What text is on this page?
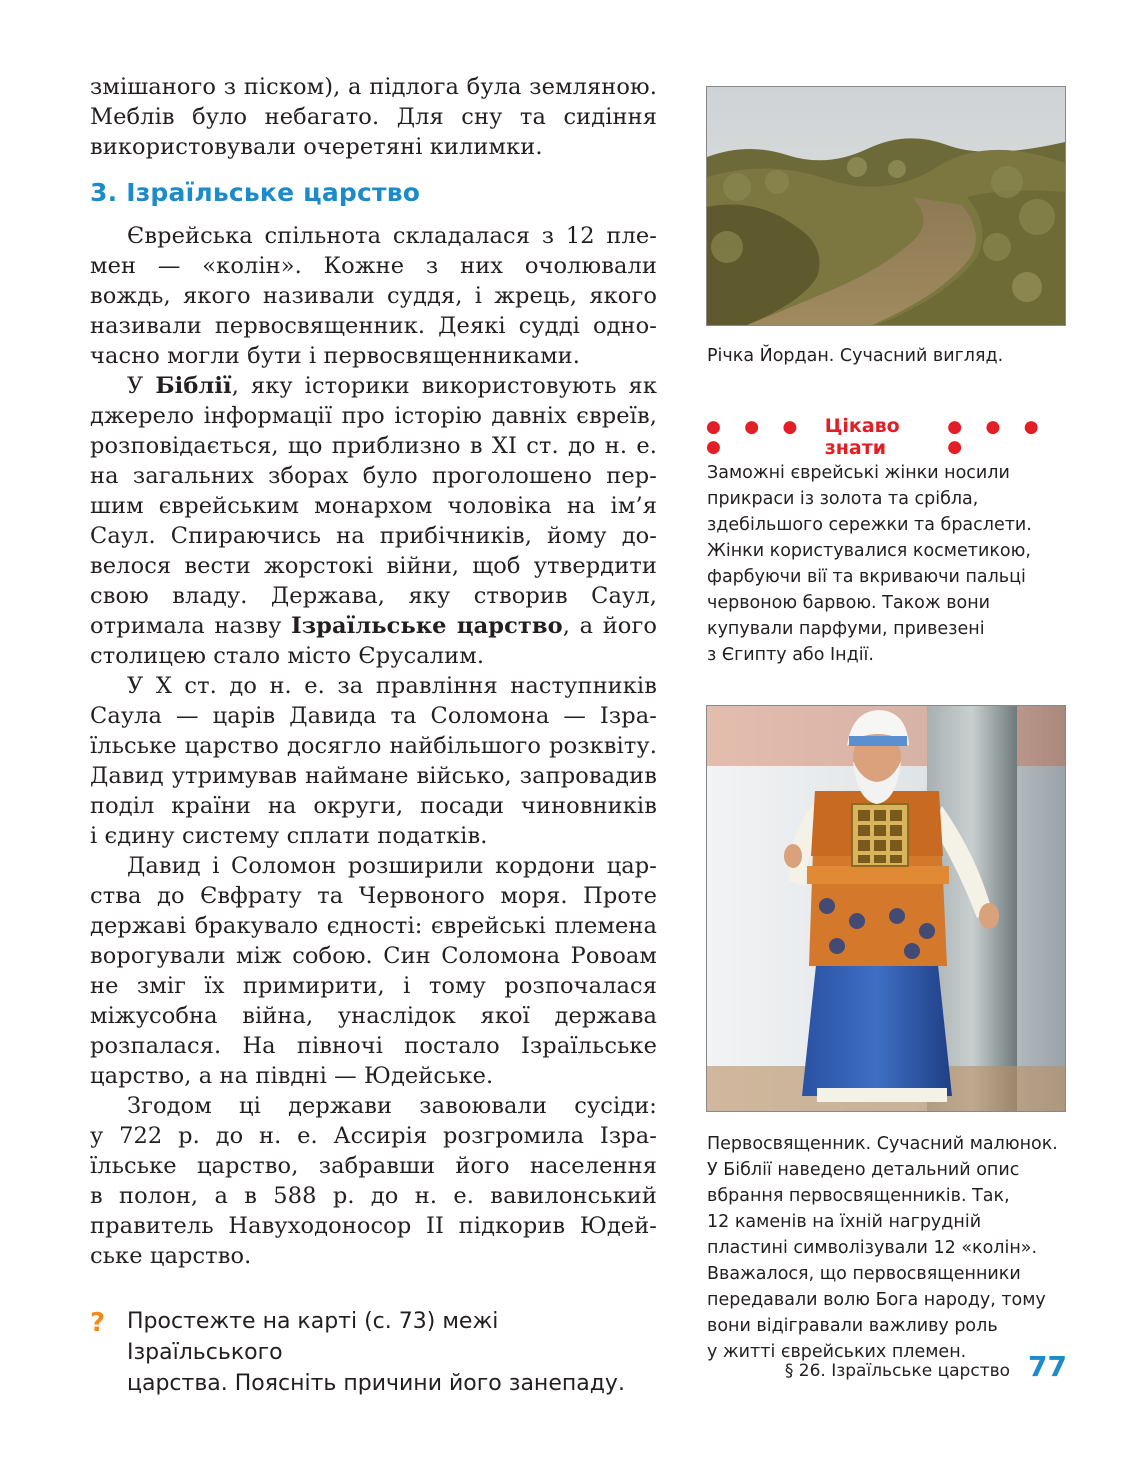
змішаного з піском), а підлога була земляною.
Меблів було небагато. Для сну та сидіння
використовували очеретяні килимки.

3. Ізраїльське царство

Єврейська спільнота складалася з 12 пле-
мен — «колін». Кожне з них очолювали
вождь, якого називали суддя, і жрець, якого
називали первосвященник. Деякі судді одно-
часно могли бути і первосвященниками.

У Біблії, яку історики використовують як
джерело інформації про історію давніх євреїв,
розповідається, що приблизно в XI ст. до н. е.
на загальних зборах було проголошено пер-
шим єврейським монархом чоловіка на ім’я
Саул. Спираючись на прибічників, йому до-
велося вести жорстокі війни, щоб утвердити
свою владу. Держава, яку створив Саул,
отримала назву Ізраїльське царство, а його
столицею стало місто Єрусалим.

У X ст. до н. е. за правління наступників
Саула — царів Давида та Соломона — Ізра-
їльське царство досягло найбільшого розквіту.
Давид утримував наймане військо, запровадив
поділ країни на округи, посади чиновників
і єдину систему сплати податків.

Давид і Соломон розширили кордони цар-
ства до Євфрату та Червоного моря. Проте
державі бракувало єдності: єврейські племена
ворогували між собою. Син Соломона Ровоам
не зміг їх примирити, і тому розпочалася
міжусобна війна, унаслідок якої держава
розпалася. На півночі постало Ізраїльське
царство, а на півдні — Юдейське.

Згодом ці держави завоювали сусіди:
у 722 р. до н. е. Ассирія розгромила Ізра-
їльське царство, забравши його населення
в полон, а в 588 р. до н. е. вавилонський
правитель Навуходоносор II підкорив Юдей-
ське царство.

? Простежте на карті (с. 73) межі Ізраїльського
царства. Поясніть причини його занепаду.
Річка Йордан. Сучасний вигляд.
● ● ● ●
Цікаво знати
● ● ● ●
Заможні єврейські жінки носили
прикраси із золота та срібла,
здебільшого сережки та браслети.
Жінки користувалися косметикою,
фарбуючи вії та вкриваючи пальці
червоною барвою. Також вони
купували парфуми, привезені
з Єгипту або Індії.
Первосвященник. Сучасний малюнок.
У Біблії наведено детальний опис
вбрання первосвященників. Так,
12 каменів на їхній нагрудній
пластині символізували 12 «колін».
Вважалося, що первосвященники
передавали волю Бога народу, тому
вони відігравали важливу роль
у житті єврейських племен.
§ 26. Ізраїльське царство 77
